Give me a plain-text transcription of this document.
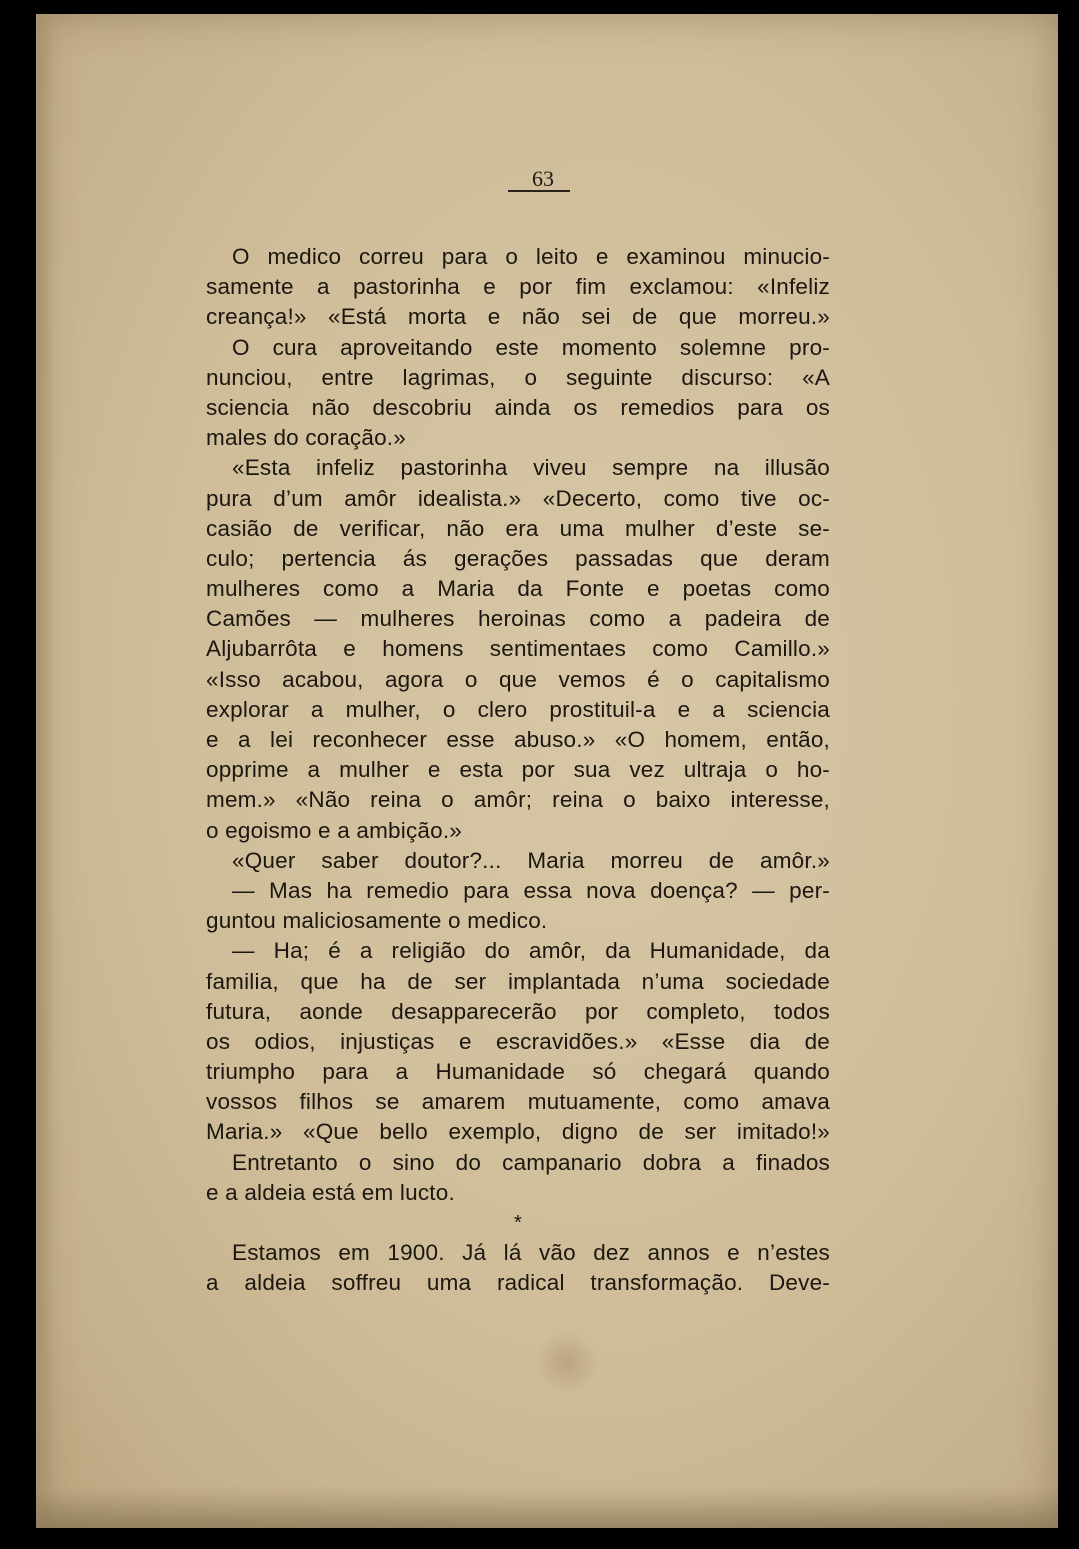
63
O medico correu para o leito e examinou minucio-
samente a pastorinha e por fim exclamou: «Infeliz
creança!» «Está morta e não sei de que morreu.»
O cura aproveitando este momento solemne pro-
nunciou, entre lagrimas, o seguinte discurso: «A
sciencia não descobriu ainda os remedios para os
males do coração.»
«Esta infeliz pastorinha viveu sempre na illusão
pura d’um amôr idealista.» «Decerto, como tive oc-
casião de verificar, não era uma mulher d’este se-
culo; pertencia ás gerações passadas que deram
mulheres como a Maria da Fonte e poetas como
Camões — mulheres heroinas como a padeira de
Aljubarrôta e homens sentimentaes como Camillo.»
«Isso acabou, agora o que vemos é o capitalismo
explorar a mulher, o clero prostituil-a e a sciencia
e a lei reconhecer esse abuso.» «O homem, então,
opprime a mulher e esta por sua vez ultraja o ho-
mem.» «Não reina o amôr; reina o baixo interesse,
o egoismo e a ambição.»
«Quer saber doutor?... Maria morreu de amôr.»
— Mas ha remedio para essa nova doença? — per-
guntou maliciosamente o medico.
— Ha; é a religião do amôr, da Humanidade, da
familia, que ha de ser implantada n’uma sociedade
futura, aonde desapparecerão por completo, todos
os odios, injustiças e escravidões.» «Esse dia de
triumpho para a Humanidade só chegará quando
vossos filhos se amarem mutuamente, como amava
Maria.» «Que bello exemplo, digno de ser imitado!»
Entretanto o sino do campanario dobra a finados
e a aldeia está em lucto.
*
Estamos em 1900. Já lá vão dez annos e n’estes
a aldeia soffreu uma radical transformação. Deve-
